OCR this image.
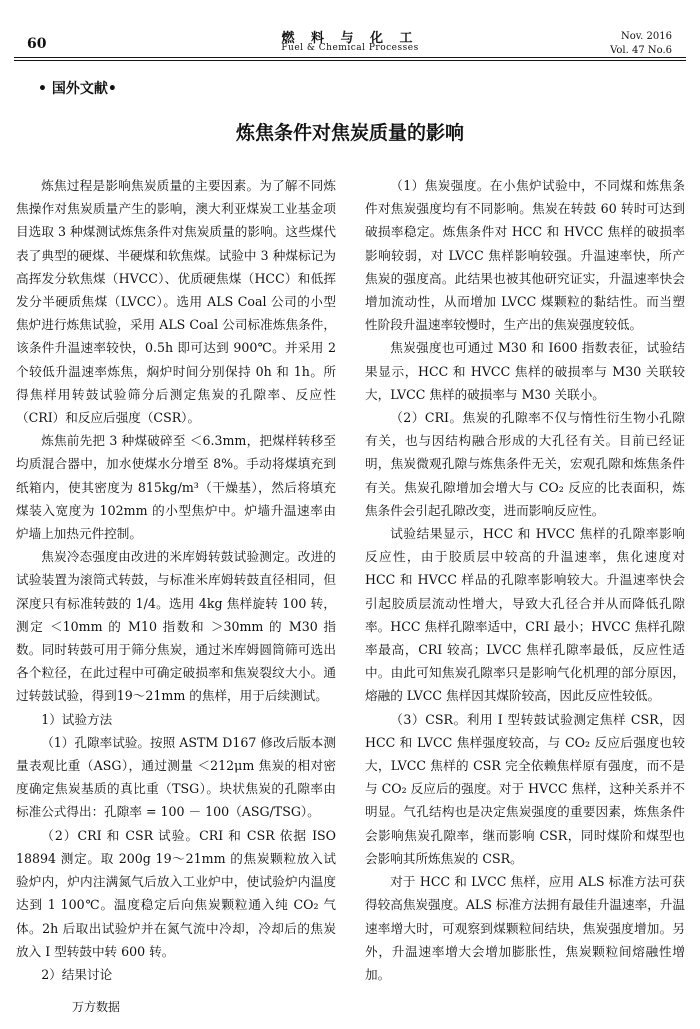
60	燃 料 与 化 工
Fuel & Chemical Processes
Nov. 2016
Vol. 47 No.6
• 国外文献•
炼焦条件对焦炭质量的影响

炼焦过程是影响焦炭质量的主要因素。为了解不同炼焦操作对焦炭质量产生的影响，澳大利亚煤炭工业基金项目选取 3 种煤测试炼焦条件对焦炭质量的影响。这些煤代表了典型的硬煤、半硬煤和软焦煤。试验中 3 种煤标记为高挥发分软焦煤（HVCC）、优质硬焦煤（HCC）和低挥发分半硬质焦煤（LVCC）。选用 ALS Coal 公司的小型焦炉进行炼焦试验，采用 ALS Coal 公司标准炼焦条件，该条件升温速率较快，0.5h 即可达到 900℃。并采用 2 个较低升温速率炼焦，焖炉时间分别保持 0h 和 1h。所得焦样用转鼓试验筛分后测定焦炭的孔隙率、反应性（CRI）和反应后强度（CSR）。

炼焦前先把 3 种煤破碎至 ＜6.3mm，把煤样转移至均质混合器中，加水使煤水分增至 8%。手动将煤填充到纸箱内，使其密度为 815kg/m³（干燥基），然后将填充煤装入宽度为 102mm 的小型焦炉中。炉墙升温速率由炉墙上加热元件控制。

焦炭冷态强度由改进的米库姆转鼓试验测定。改进的试验装置为滚筒式转鼓，与标准米库姆转鼓直径相同，但深度只有标准转鼓的 1/4。选用 4kg 焦样旋转 100 转，测定 ＜10mm 的 M10 指数和 ＞30mm 的 M30 指数。同时转鼓可用于筛分焦炭，通过米库姆圆筒筛可选出各个粒径，在此过程中可确定破损率和焦炭裂纹大小。通过转鼓试验，得到19～21mm 的焦样，用于后续测试。

1）试验方法

（1）孔隙率试验。按照 ASTM D167 修改后版本测量表观比重（ASG），通过测量 ＜212μm 焦炭的相对密度确定焦炭基质的真比重（TSG）。块状焦炭的孔隙率由标准公式得出：孔隙率 = 100 － 100（ASG/TSG）。

（2）CRI 和 CSR 试验。CRI 和 CSR 依据 ISO 18894 测定。取 200g 19～21mm 的焦炭颗粒放入试验炉内，炉内注满氮气后放入工业炉中，使试验炉内温度达到 1 100℃。温度稳定后向焦炭颗粒通入纯 CO₂ 气体。2h 后取出试验炉并在氮气流中冷却，冷却后的焦炭放入 I 型转鼓中转 600 转。

2）结果讨论

（1）焦炭强度。在小焦炉试验中，不同煤和炼焦条件对焦炭强度均有不同影响。焦炭在转鼓 60 转时可达到破损率稳定。炼焦条件对 HCC 和 HVCC 焦样的破损率影响较弱，对 LVCC 焦样影响较强。升温速率快，所产焦炭的强度高。此结果也被其他研究证实，升温速率快会增加流动性，从而增加 LVCC 煤颗粒的黏结性。而当塑性阶段升温速率较慢时，生产出的焦炭强度较低。

焦炭强度也可通过 M30 和 I600 指数表征，试验结果显示，HCC 和 HVCC 焦样的破损率与 M30 关联较大，LVCC 焦样的破损率与 M30 关联小。

（2）CRI。焦炭的孔隙率不仅与惰性衍生物小孔隙有关，也与因结构融合形成的大孔径有关。目前已经证明，焦炭微观孔隙与炼焦条件无关，宏观孔隙和炼焦条件有关。焦炭孔隙增加会增大与 CO₂ 反应的比表面积，炼焦条件会引起孔隙改变，进而影响反应性。

试验结果显示，HCC 和 HVCC 焦样的孔隙率影响反应性，由于胶质层中较高的升温速率，焦化速度对 HCC 和 HVCC 样品的孔隙率影响较大。升温速率快会引起胶质层流动性增大，导致大孔径合并从而降低孔隙率。HCC 焦样孔隙率适中，CRI 最小；HVCC 焦样孔隙率最高，CRI 较高；LVCC 焦样孔隙率最低，反应性适中。由此可知焦炭孔隙率只是影响气化机理的部分原因，熔融的 LVCC 焦样因其煤阶较高，因此反应性较低。

（3）CSR。利用 I 型转鼓试验测定焦样 CSR，因 HCC 和 LVCC 焦样强度较高，与 CO₂ 反应后强度也较大，LVCC 焦样的 CSR 完全依赖焦样原有强度，而不是与 CO₂ 反应后的强度。对于 HVCC 焦样，这种关系并不明显。气孔结构也是决定焦炭强度的重要因素，炼焦条件会影响焦炭孔隙率，继而影响 CSR，同时煤阶和煤型也会影响其所炼焦炭的 CSR。

对于 HCC 和 LVCC 焦样，应用 ALS 标准方法可获得较高焦炭强度。ALS 标准方法拥有最佳升温速率，升温速率增大时，可观察到煤颗粒间结块，焦炭强度增加。另外，升温速率增大会增加膨胀性，焦炭颗粒间熔融性增加。

万方数据
